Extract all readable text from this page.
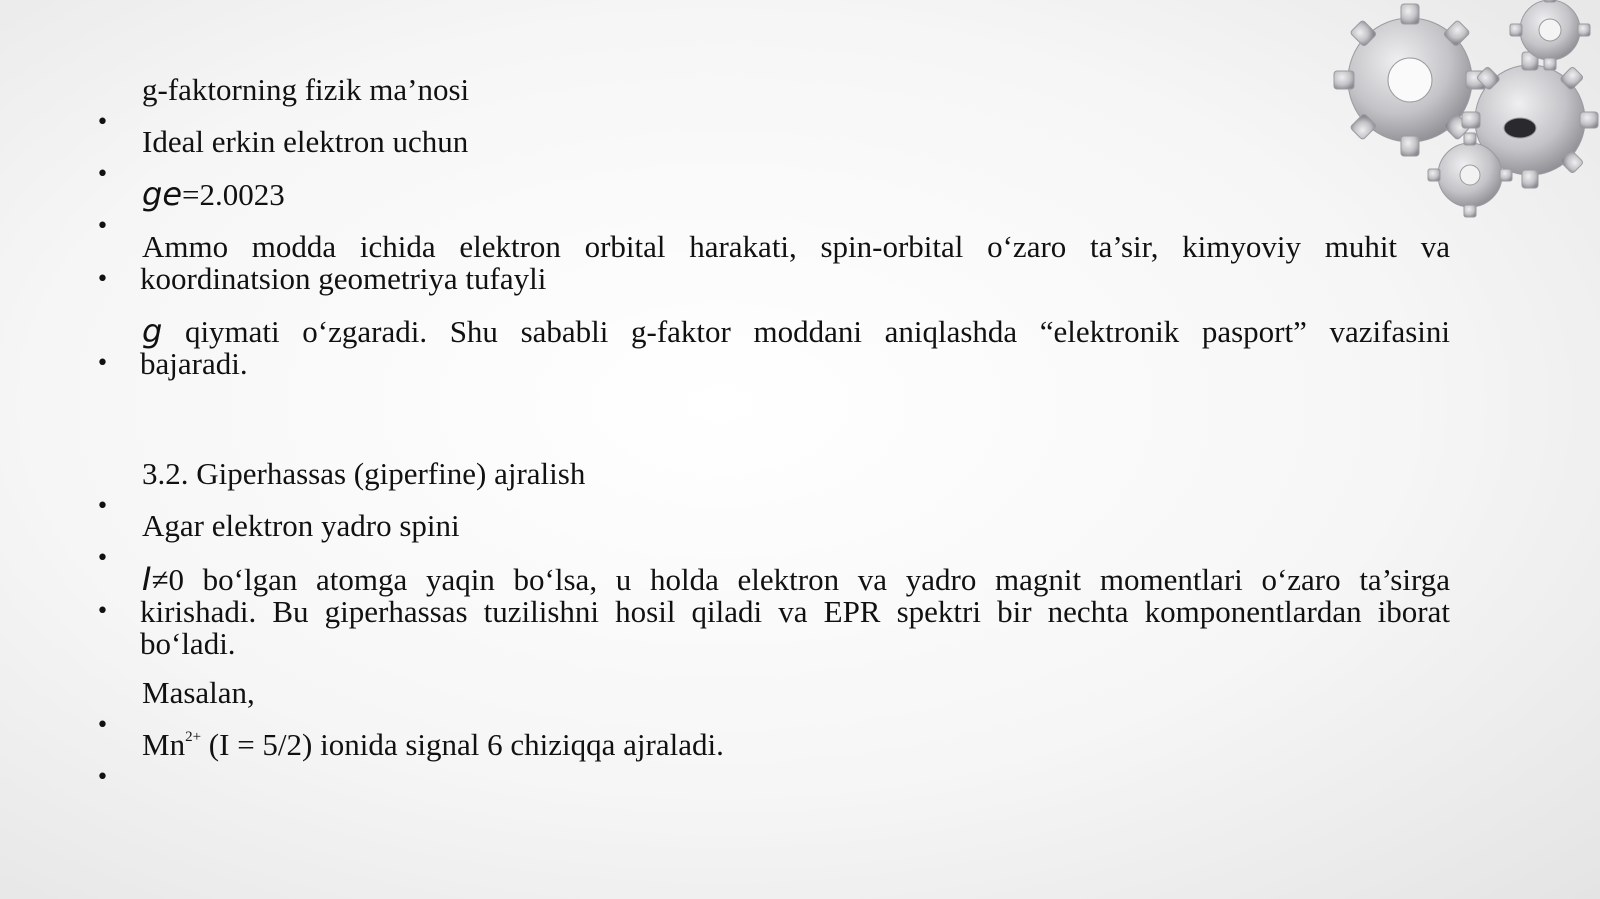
•
•
•
•
•
•
•
•
•
•
g-faktorning fizik ma’nosi
Ideal erkin elektron uchun
ge=2.0023
Ammo modda ichida elektron orbital harakati, spin-orbital o‘zaro ta’sir, kimyoviy muhit va
koordinatsion geometriya tufayli
g qiymati o‘zgaradi. Shu sababli g-faktor moddani aniqlashda “elektronik pasport” vazifasini
bajaradi.
3.2. Giperhassas (giperfine) ajralish
Agar elektron yadro spini
I≠0 bo‘lgan atomga yaqin bo‘lsa, u holda elektron va yadro magnit momentlari o‘zaro ta’sirga
kirishadi. Bu giperhassas tuzilishni hosil qiladi va EPR spektri bir nechta komponentlardan iborat
bo‘ladi.
Masalan,
$Mn^{2+}$ (I = 5/2) ionida signal 6 chiziqqa ajraladi.
